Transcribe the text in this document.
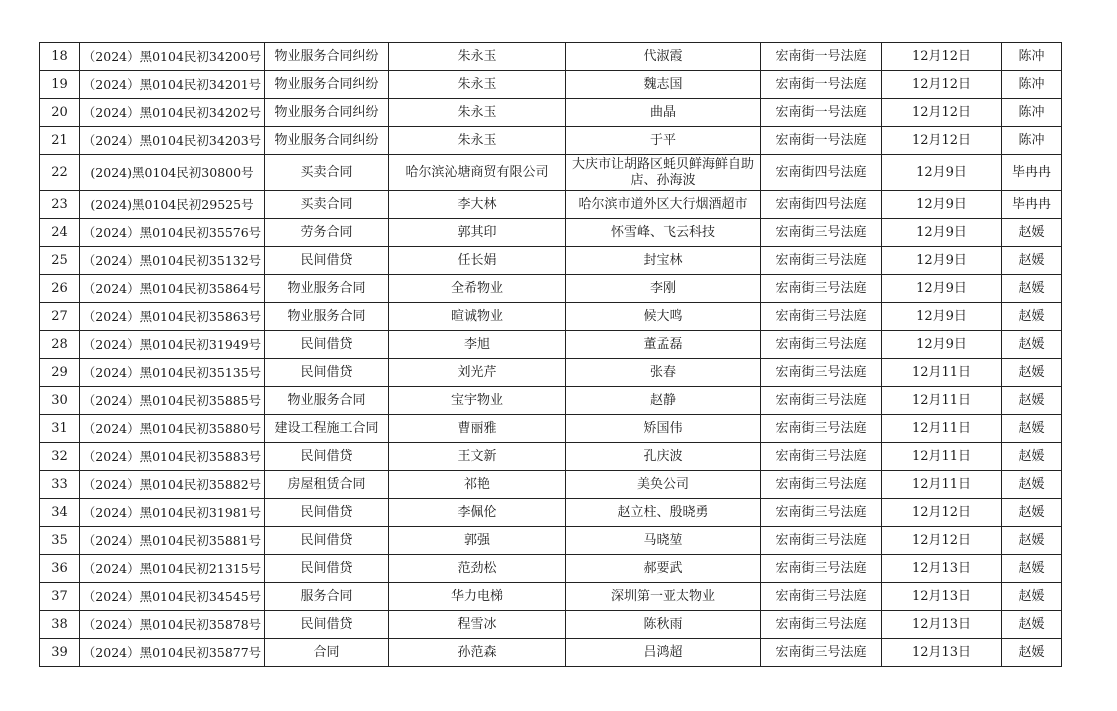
18	（2024）黑0104民初34200号	物业服务合同纠纷	朱永玉	代淑霞	宏南街一号法庭	12月12日	陈冲
19	（2024）黑0104民初34201号	物业服务合同纠纷	朱永玉	魏志国	宏南街一号法庭	12月12日	陈冲
20	（2024）黑0104民初34202号	物业服务合同纠纷	朱永玉	曲晶	宏南街一号法庭	12月12日	陈冲
21	（2024）黑0104民初34203号	物业服务合同纠纷	朱永玉	于平	宏南街一号法庭	12月12日	陈冲
22	(2024)黑0104民初30800号	买卖合同	哈尔滨沁塘商贸有限公司	大庆市让胡路区蚝贝鲜海鲜自助店、孙海波	宏南街四号法庭	12月9日	毕冉冉
23	(2024)黑0104民初29525号	买卖合同	李大林	哈尔滨市道外区大行烟酒超市	宏南街四号法庭	12月9日	毕冉冉
24	（2024）黑0104民初35576号	劳务合同	郭其印	怀雪峰、飞云科技	宏南街三号法庭	12月9日	赵媛
25	（2024）黑0104民初35132号	民间借贷	任长娟	封宝林	宏南街三号法庭	12月9日	赵媛
26	（2024）黑0104民初35864号	物业服务合同	全希物业	李刚	宏南街三号法庭	12月9日	赵媛
27	（2024）黑0104民初35863号	物业服务合同	暄诚物业	候大鸣	宏南街三号法庭	12月9日	赵媛
28	（2024）黑0104民初31949号	民间借贷	李旭	董孟磊	宏南街三号法庭	12月9日	赵媛
29	（2024）黑0104民初35135号	民间借贷	刘光芹	张春	宏南街三号法庭	12月11日	赵媛
30	（2024）黑0104民初35885号	物业服务合同	宝宇物业	赵静	宏南街三号法庭	12月11日	赵媛
31	（2024）黑0104民初35880号	建设工程施工合同	曹丽雅	矫国伟	宏南街三号法庭	12月11日	赵媛
32	（2024）黑0104民初35883号	民间借贷	王文新	孔庆波	宏南街三号法庭	12月11日	赵媛
33	（2024）黑0104民初35882号	房屋租赁合同	祁艳	美奂公司	宏南街三号法庭	12月11日	赵媛
34	（2024）黑0104民初31981号	民间借贷	李佩伦	赵立柱、殷晓勇	宏南街三号法庭	12月12日	赵媛
35	（2024）黑0104民初35881号	民间借贷	郭强	马晓堃	宏南街三号法庭	12月12日	赵媛
36	（2024）黑0104民初21315号	民间借贷	范劲松	郝要武	宏南街三号法庭	12月13日	赵媛
37	（2024）黑0104民初34545号	服务合同	华力电梯	深圳第一亚太物业	宏南街三号法庭	12月13日	赵媛
38	（2024）黑0104民初35878号	民间借贷	程雪冰	陈秋雨	宏南街三号法庭	12月13日	赵媛
39	（2024）黑0104民初35877号	合同	孙范森	吕鸿超	宏南街三号法庭	12月13日	赵媛
